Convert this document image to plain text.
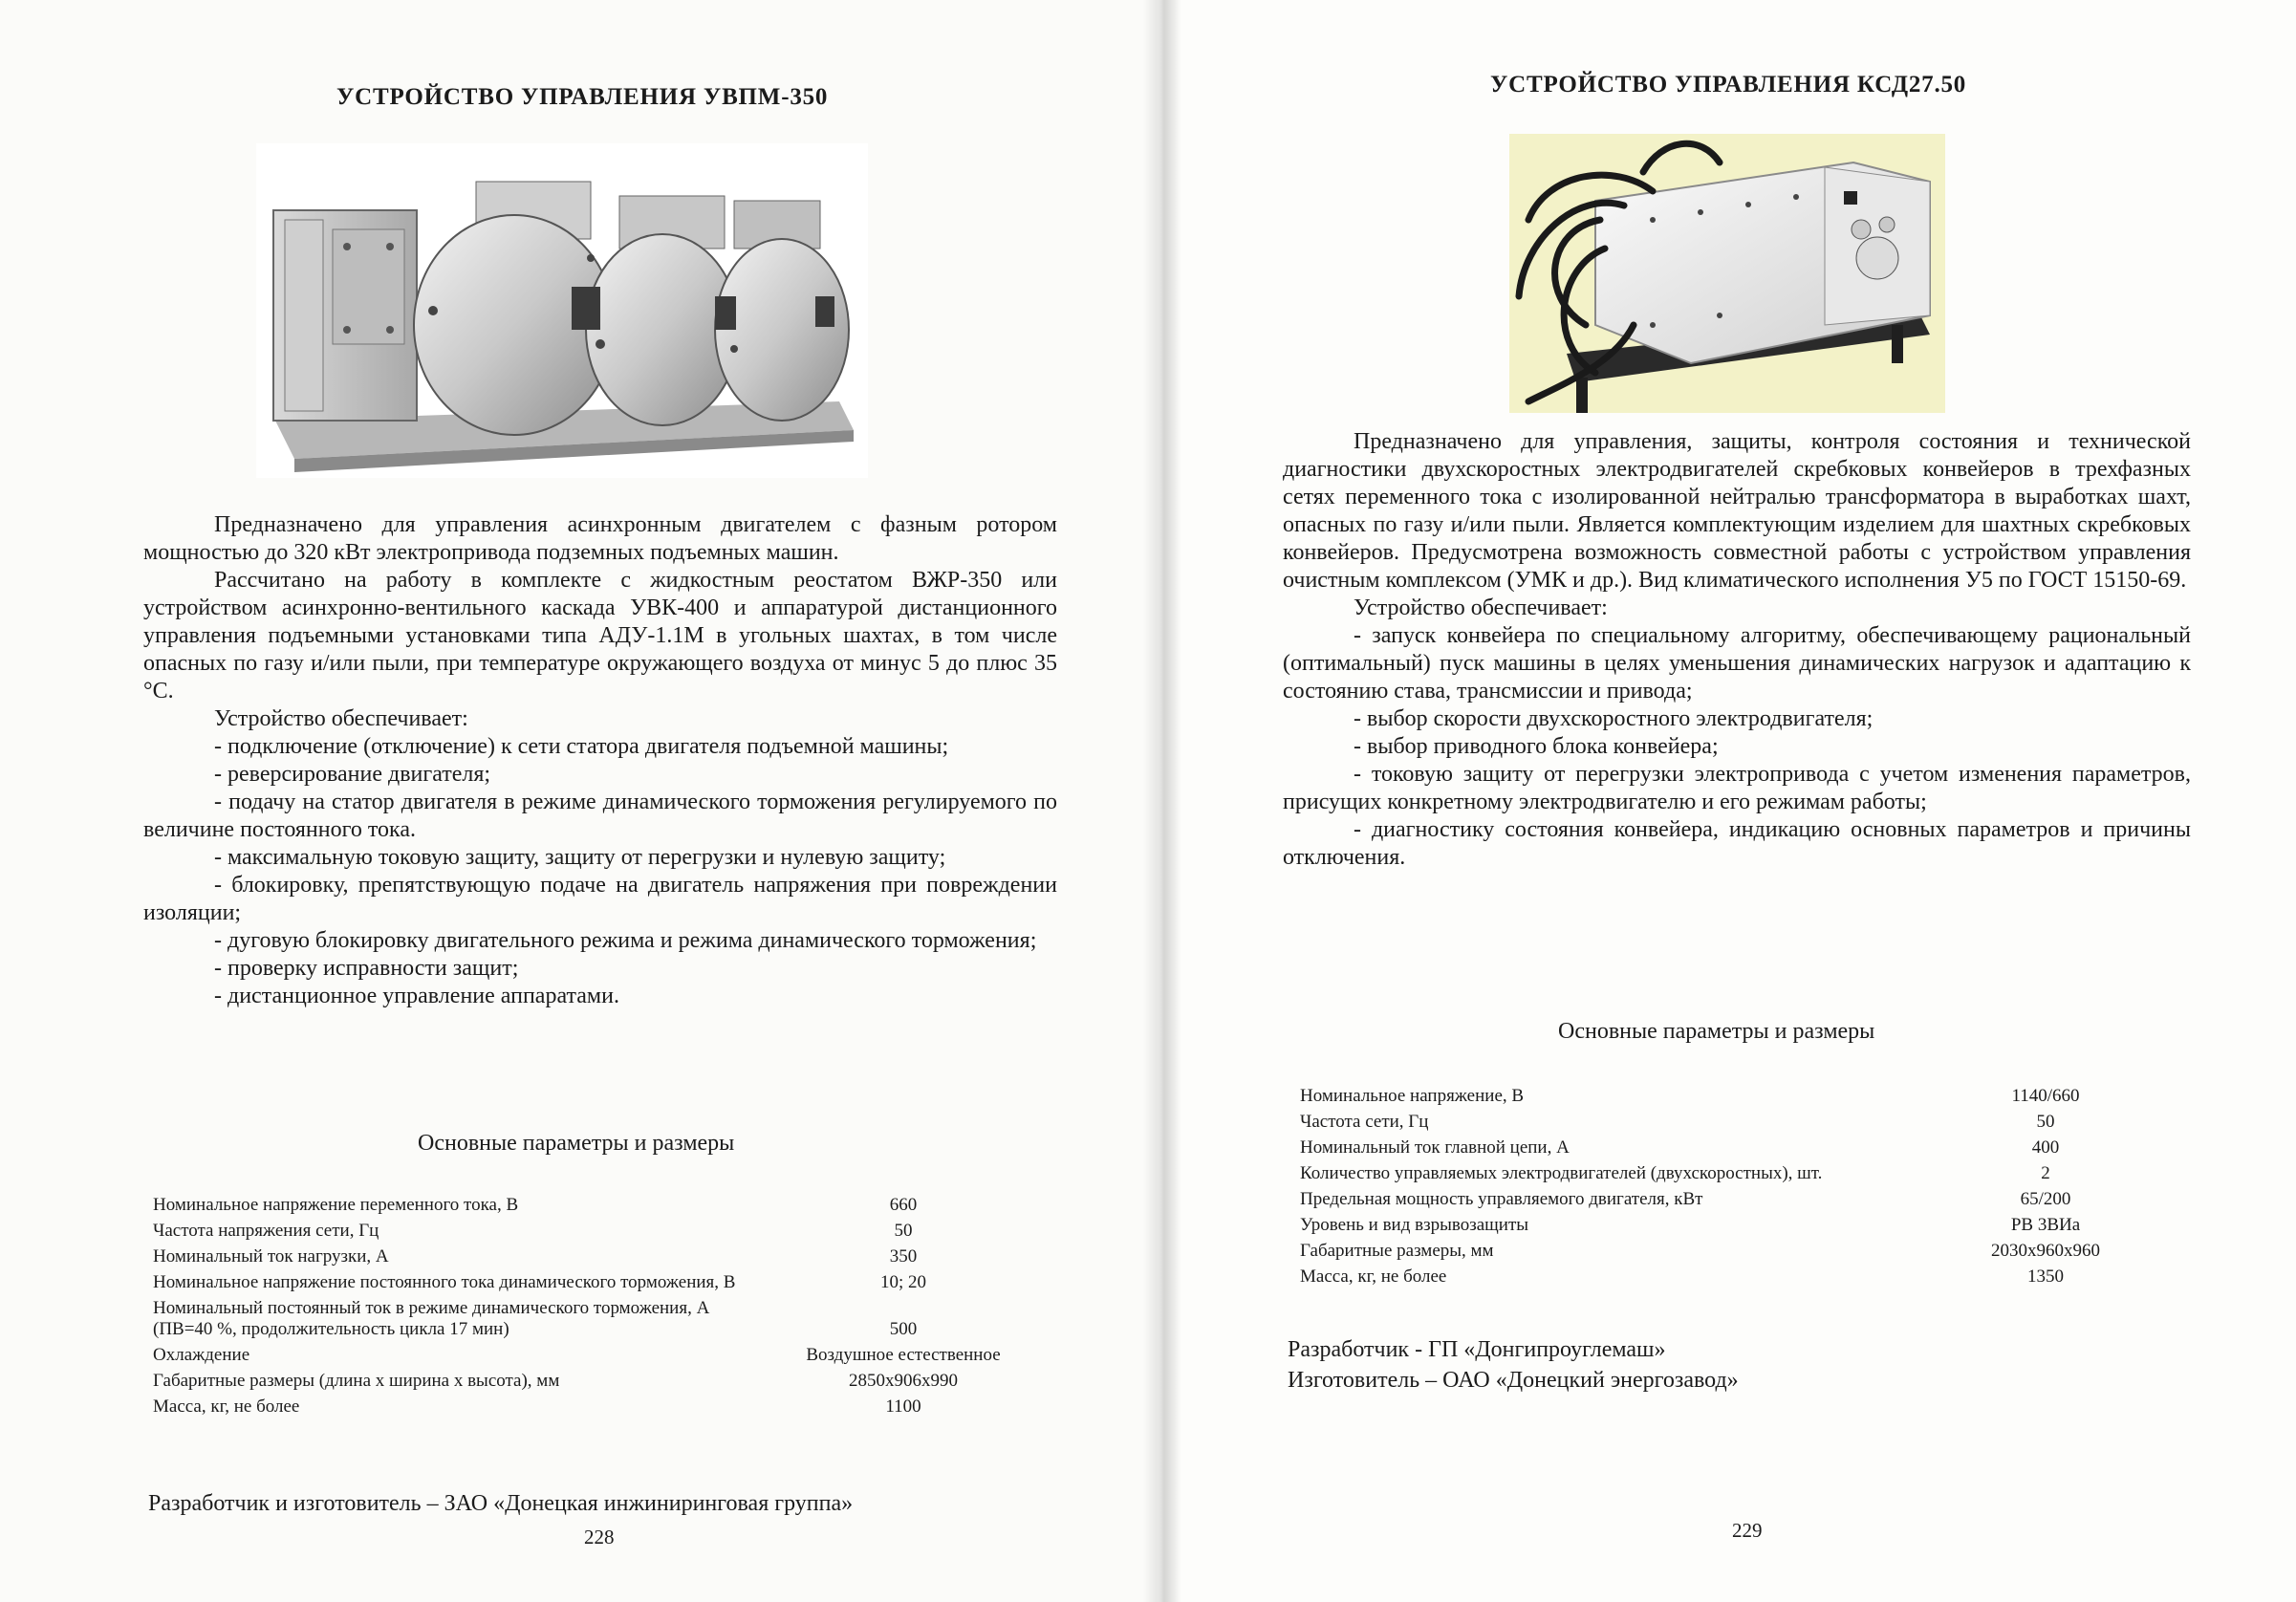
УСТРОЙСТВО УПРАВЛЕНИЯ УВПМ-350

Предназначено для управления асинхронным двигателем с фазным ротором мощностью до 320 кВт электропривода подземных подъемных машин.

Рассчитано на работу в комплекте с жидкостным реостатом ВЖР-350 или устройством асинхронно-вентильного каскада УВК-400 и аппаратурой дистанционного управления подъемными установками типа АДУ-1.1М в угольных шахтах, в том числе опасных по газу и/или пыли, при температуре окружающего воздуха от минус 5 до плюс 35 °С.

Устройство обеспечивает:

- подключение (отключение) к сети статора двигателя подъемной машины;

- реверсирование двигателя;

- подачу на статор двигателя в режиме динамического торможения регулируемого по величине постоянного тока.

- максимальную токовую защиту, защиту от перегрузки и нулевую защиту;

- блокировку, препятствующую подаче на двигатель напряжения при повреждении изоляции;

- дуговую блокировку двигательного режима и режима динамического торможения;

- проверку исправности защит;

- дистанционное управление аппаратами.

Основные параметры и размеры
Номинальное напряжение переменного тока, В	660
Частота напряжения сети, Гц	50
Номинальный ток нагрузки, А	350
Номинальное напряжение постоянного тока динамического торможения, В	10; 20
Номинальный постоянный ток в режиме динамического торможения, А (ПВ=40 %, продолжительность цикла 17 мин)	500
Охлаждение	Воздушное естественное
Габаритные размеры (длина х ширина х высота), мм	2850х906х990
Масса, кг, не более	1100
Разработчик и изготовитель – ЗАО «Донецкая инжиниринговая группа»
228
УСТРОЙСТВО УПРАВЛЕНИЯ КСД27.50

Предназначено для управления, защиты, контроля состояния и технической диагностики двухскоростных электродвигателей скребковых конвейеров в трехфазных сетях переменного тока с изолированной нейтралью трансформатора в выработках шахт, опасных по газу и/или пыли. Является комплектующим изделием для шахтных скребковых конвейеров. Предусмотрена возможность совместной работы с устройством управления очистным комплексом (УМК и др.). Вид климатического исполнения У5 по ГОСТ 15150-69.

Устройство обеспечивает:

- запуск конвейера по специальному алгоритму, обеспечивающему рациональный (оптимальный) пуск машины в целях уменьшения динамических нагрузок и адаптацию к состоянию става, трансмиссии и привода;

- выбор скорости двухскоростного электродвигателя;

- выбор приводного блока конвейера;

- токовую защиту от перегрузки электропривода с учетом изменения параметров, присущих конкретному электродвигателю и его режимам работы;

- диагностику состояния конвейера, индикацию основных параметров и причины отключения.

Основные параметры и размеры
Номинальное напряжение, В	1140/660
Частота сети, Гц	50
Номинальный ток главной цепи, А	400
Количество управляемых электродвигателей (двухскоростных), шт.	2
Предельная мощность управляемого двигателя, кВт	65/200
Уровень и вид взрывозащиты	РВ 3ВИа
Габаритные размеры, мм	2030х960х960
Масса, кг, не более	1350
Разработчик - ГП «Донгипроуглемаш»
Изготовитель – ОАО «Донецкий энергозавод»
229
